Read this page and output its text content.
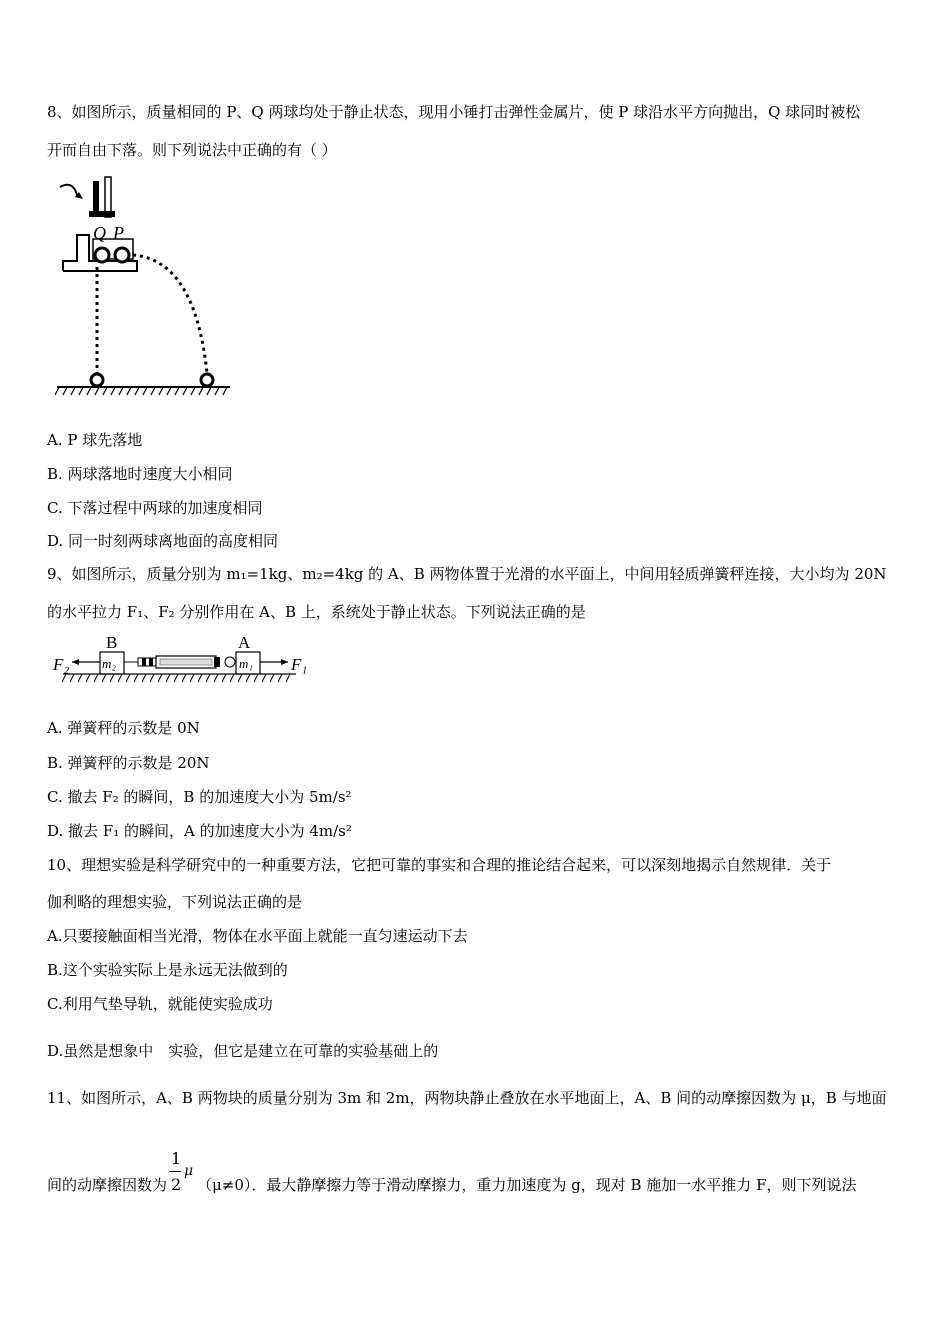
8、如图所示，质量相同的 P、Q 两球均处于静止状态，现用小锤打击弹性金属片，使 P 球沿水平方向抛出，Q 球同时被松
开而自由下落。则下列说法中正确的有（ ）
Q P
A. P 球先落地
B. 两球落地时速度大小相同
C. 下落过程中两球的加速度相同
D. 同一时刻两球离地面的高度相同
9、如图所示，质量分别为 m₁=1kg、m₂=4kg 的 A、B 两物体置于光滑的水平面上，中间用轻质弹簧秤连接，大小均为 20N
的水平拉力 F₁、F₂ 分别作用在 A、B 上，系统处于静止状态。下列说法正确的是
F₂
B
m₂
A
m₁ F₁
A. 弹簧秤的示数是 0N
B. 弹簧秤的示数是 20N
C. 撤去 F₂ 的瞬间，B 的加速度大小为 5m/s²
D. 撤去 F₁ 的瞬间，A 的加速度大小为 4m/s²
10、理想实验是科学研究中的一种重要方法，它把可靠的事实和合理的推论结合起来，可以深刻地揭示自然规律．关于
伽利略的理想实验，下列说法正确的是
A.只要接触面相当光滑，物体在水平面上就能一直匀速运动下去
B.这个实验实际上是永远无法做到的
C.利用气垫导轨，就能使实验成功
D.虽然是想象中　实验，但它是建立在可靠的实验基础上的
11、如图所示，A、B 两物块的质量分别为 3m 和 2m，两物块静止叠放在水平地面上，A、B 间的动摩擦因数为 μ，B 与地面
间的动摩擦因数为
1
2
μ
（μ≠0）．最大静摩擦力等于滑动摩擦力，重力加速度为 g，现对 B 施加一水平推力 F，则下列说法
